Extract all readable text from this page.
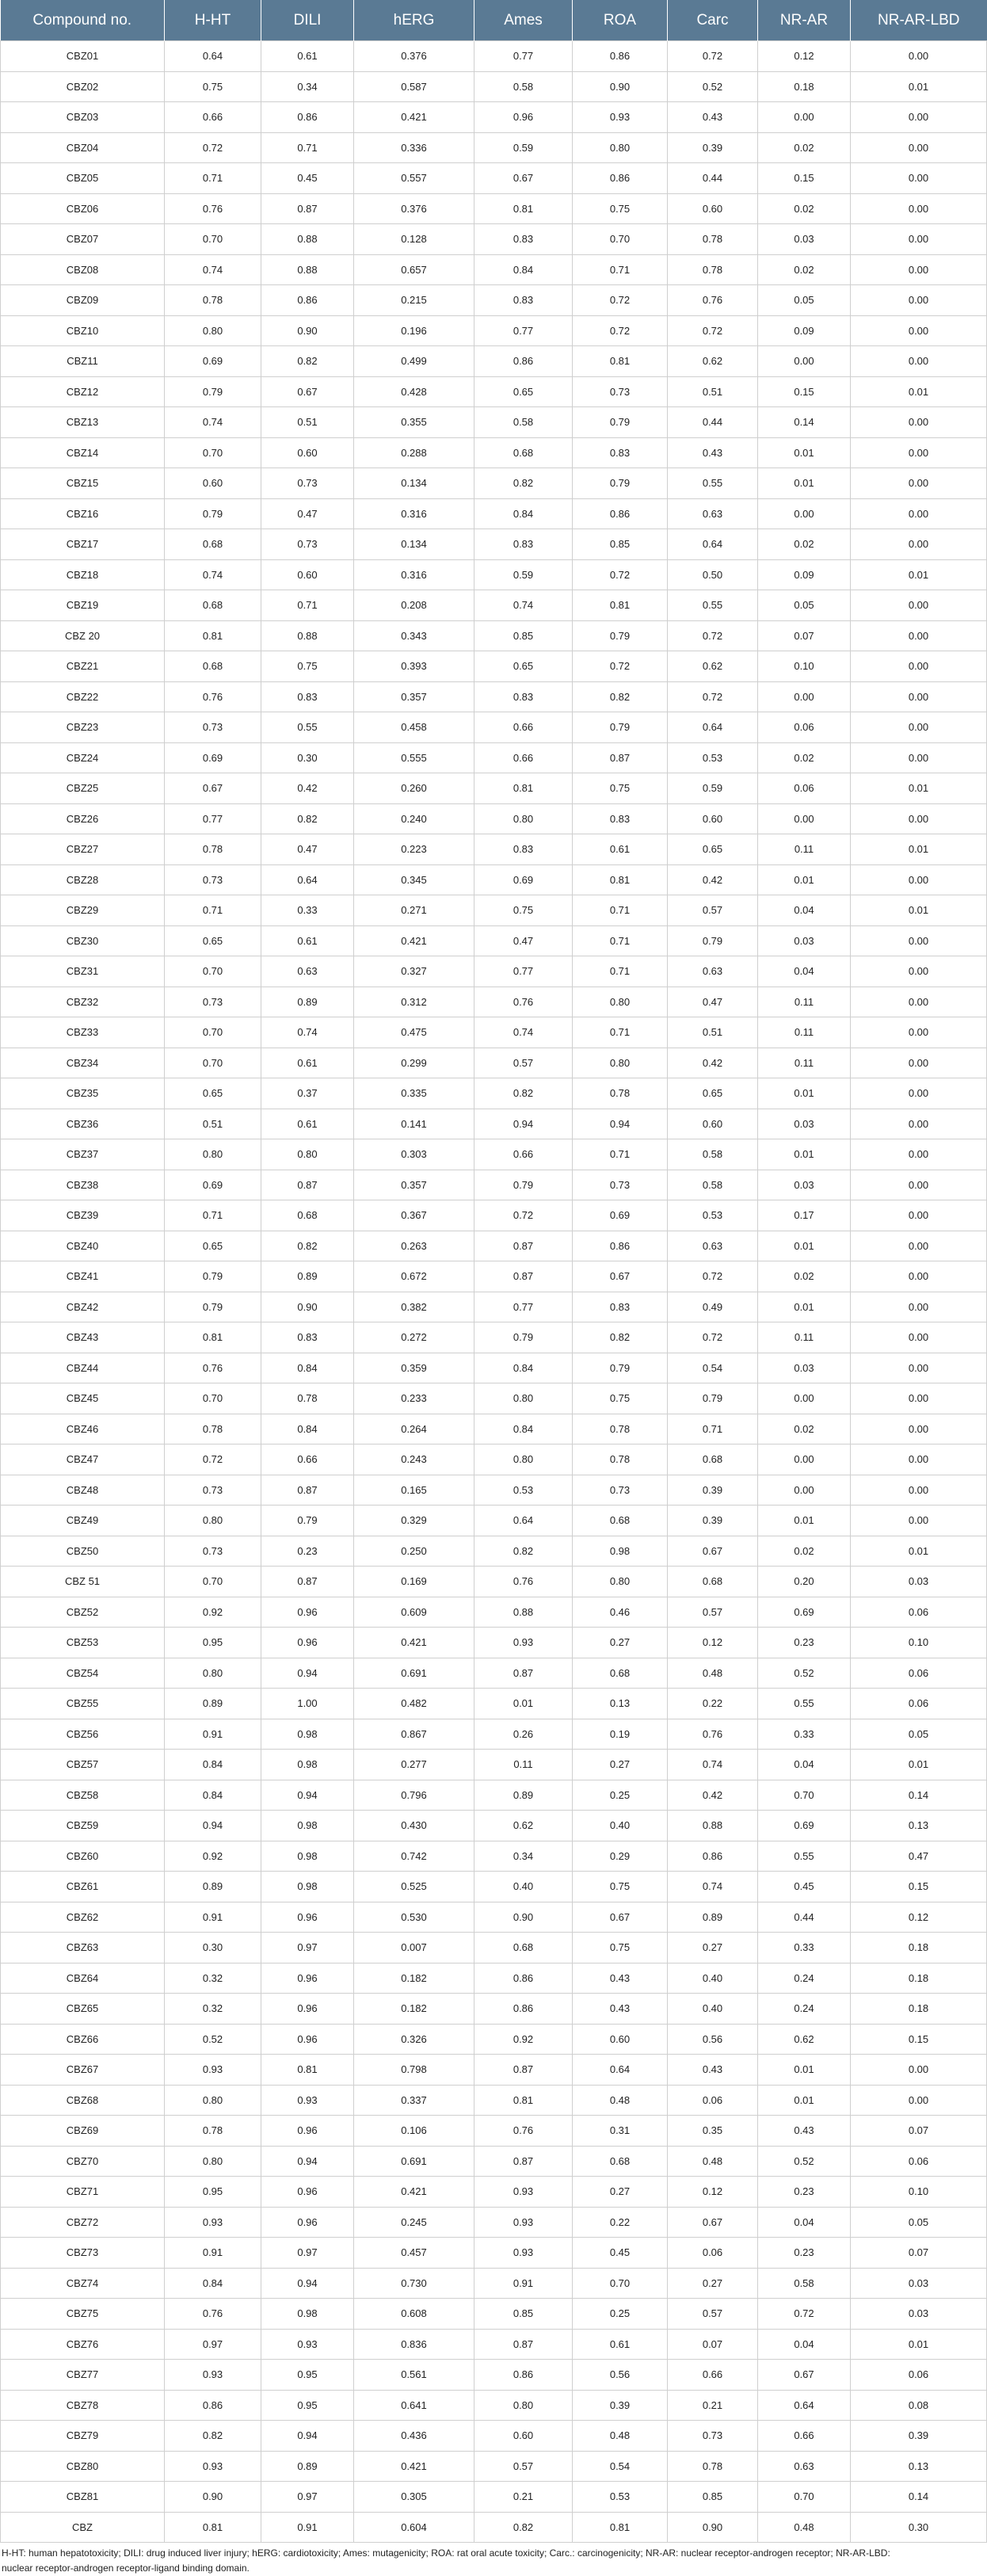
Compound no.	H-HT	DILI	hERG	Ames	ROA	Carc	NR-AR	NR-AR-LBD
CBZ01	0.64	0.61	0.376	0.77	0.86	0.72	0.12	0.00
CBZ02	0.75	0.34	0.587	0.58	0.90	0.52	0.18	0.01
CBZ03	0.66	0.86	0.421	0.96	0.93	0.43	0.00	0.00
CBZ04	0.72	0.71	0.336	0.59	0.80	0.39	0.02	0.00
CBZ05	0.71	0.45	0.557	0.67	0.86	0.44	0.15	0.00
CBZ06	0.76	0.87	0.376	0.81	0.75	0.60	0.02	0.00
CBZ07	0.70	0.88	0.128	0.83	0.70	0.78	0.03	0.00
CBZ08	0.74	0.88	0.657	0.84	0.71	0.78	0.02	0.00
CBZ09	0.78	0.86	0.215	0.83	0.72	0.76	0.05	0.00
CBZ10	0.80	0.90	0.196	0.77	0.72	0.72	0.09	0.00
CBZ11	0.69	0.82	0.499	0.86	0.81	0.62	0.00	0.00
CBZ12	0.79	0.67	0.428	0.65	0.73	0.51	0.15	0.01
CBZ13	0.74	0.51	0.355	0.58	0.79	0.44	0.14	0.00
CBZ14	0.70	0.60	0.288	0.68	0.83	0.43	0.01	0.00
CBZ15	0.60	0.73	0.134	0.82	0.79	0.55	0.01	0.00
CBZ16	0.79	0.47	0.316	0.84	0.86	0.63	0.00	0.00
CBZ17	0.68	0.73	0.134	0.83	0.85	0.64	0.02	0.00
CBZ18	0.74	0.60	0.316	0.59	0.72	0.50	0.09	0.01
CBZ19	0.68	0.71	0.208	0.74	0.81	0.55	0.05	0.00
CBZ 20	0.81	0.88	0.343	0.85	0.79	0.72	0.07	0.00
CBZ21	0.68	0.75	0.393	0.65	0.72	0.62	0.10	0.00
CBZ22	0.76	0.83	0.357	0.83	0.82	0.72	0.00	0.00
CBZ23	0.73	0.55	0.458	0.66	0.79	0.64	0.06	0.00
CBZ24	0.69	0.30	0.555	0.66	0.87	0.53	0.02	0.00
CBZ25	0.67	0.42	0.260	0.81	0.75	0.59	0.06	0.01
CBZ26	0.77	0.82	0.240	0.80	0.83	0.60	0.00	0.00
CBZ27	0.78	0.47	0.223	0.83	0.61	0.65	0.11	0.01
CBZ28	0.73	0.64	0.345	0.69	0.81	0.42	0.01	0.00
CBZ29	0.71	0.33	0.271	0.75	0.71	0.57	0.04	0.01
CBZ30	0.65	0.61	0.421	0.47	0.71	0.79	0.03	0.00
CBZ31	0.70	0.63	0.327	0.77	0.71	0.63	0.04	0.00
CBZ32	0.73	0.89	0.312	0.76	0.80	0.47	0.11	0.00
CBZ33	0.70	0.74	0.475	0.74	0.71	0.51	0.11	0.00
CBZ34	0.70	0.61	0.299	0.57	0.80	0.42	0.11	0.00
CBZ35	0.65	0.37	0.335	0.82	0.78	0.65	0.01	0.00
CBZ36	0.51	0.61	0.141	0.94	0.94	0.60	0.03	0.00
CBZ37	0.80	0.80	0.303	0.66	0.71	0.58	0.01	0.00
CBZ38	0.69	0.87	0.357	0.79	0.73	0.58	0.03	0.00
CBZ39	0.71	0.68	0.367	0.72	0.69	0.53	0.17	0.00
CBZ40	0.65	0.82	0.263	0.87	0.86	0.63	0.01	0.00
CBZ41	0.79	0.89	0.672	0.87	0.67	0.72	0.02	0.00
CBZ42	0.79	0.90	0.382	0.77	0.83	0.49	0.01	0.00
CBZ43	0.81	0.83	0.272	0.79	0.82	0.72	0.11	0.00
CBZ44	0.76	0.84	0.359	0.84	0.79	0.54	0.03	0.00
CBZ45	0.70	0.78	0.233	0.80	0.75	0.79	0.00	0.00
CBZ46	0.78	0.84	0.264	0.84	0.78	0.71	0.02	0.00
CBZ47	0.72	0.66	0.243	0.80	0.78	0.68	0.00	0.00
CBZ48	0.73	0.87	0.165	0.53	0.73	0.39	0.00	0.00
CBZ49	0.80	0.79	0.329	0.64	0.68	0.39	0.01	0.00
CBZ50	0.73	0.23	0.250	0.82	0.98	0.67	0.02	0.01
CBZ 51	0.70	0.87	0.169	0.76	0.80	0.68	0.20	0.03
CBZ52	0.92	0.96	0.609	0.88	0.46	0.57	0.69	0.06
CBZ53	0.95	0.96	0.421	0.93	0.27	0.12	0.23	0.10
CBZ54	0.80	0.94	0.691	0.87	0.68	0.48	0.52	0.06
CBZ55	0.89	1.00	0.482	0.01	0.13	0.22	0.55	0.06
CBZ56	0.91	0.98	0.867	0.26	0.19	0.76	0.33	0.05
CBZ57	0.84	0.98	0.277	0.11	0.27	0.74	0.04	0.01
CBZ58	0.84	0.94	0.796	0.89	0.25	0.42	0.70	0.14
CBZ59	0.94	0.98	0.430	0.62	0.40	0.88	0.69	0.13
CBZ60	0.92	0.98	0.742	0.34	0.29	0.86	0.55	0.47
CBZ61	0.89	0.98	0.525	0.40	0.75	0.74	0.45	0.15
CBZ62	0.91	0.96	0.530	0.90	0.67	0.89	0.44	0.12
CBZ63	0.30	0.97	0.007	0.68	0.75	0.27	0.33	0.18
CBZ64	0.32	0.96	0.182	0.86	0.43	0.40	0.24	0.18
CBZ65	0.32	0.96	0.182	0.86	0.43	0.40	0.24	0.18
CBZ66	0.52	0.96	0.326	0.92	0.60	0.56	0.62	0.15
CBZ67	0.93	0.81	0.798	0.87	0.64	0.43	0.01	0.00
CBZ68	0.80	0.93	0.337	0.81	0.48	0.06	0.01	0.00
CBZ69	0.78	0.96	0.106	0.76	0.31	0.35	0.43	0.07
CBZ70	0.80	0.94	0.691	0.87	0.68	0.48	0.52	0.06
CBZ71	0.95	0.96	0.421	0.93	0.27	0.12	0.23	0.10
CBZ72	0.93	0.96	0.245	0.93	0.22	0.67	0.04	0.05
CBZ73	0.91	0.97	0.457	0.93	0.45	0.06	0.23	0.07
CBZ74	0.84	0.94	0.730	0.91	0.70	0.27	0.58	0.03
CBZ75	0.76	0.98	0.608	0.85	0.25	0.57	0.72	0.03
CBZ76	0.97	0.93	0.836	0.87	0.61	0.07	0.04	0.01
CBZ77	0.93	0.95	0.561	0.86	0.56	0.66	0.67	0.06
CBZ78	0.86	0.95	0.641	0.80	0.39	0.21	0.64	0.08
CBZ79	0.82	0.94	0.436	0.60	0.48	0.73	0.66	0.39
CBZ80	0.93	0.89	0.421	0.57	0.54	0.78	0.63	0.13
CBZ81	0.90	0.97	0.305	0.21	0.53	0.85	0.70	0.14
CBZ	0.81	0.91	0.604	0.82	0.81	0.90	0.48	0.30
H-HT: human hepatotoxicity; DILI: drug induced liver injury; hERG: cardiotoxicity; Ames: mutagenicity; ROA: rat oral acute toxicity; Carc.: carcinogenicity; NR-AR: nuclear receptor-androgen receptor; NR-AR-LBD: nuclear receptor-androgen receptor-ligand binding domain.
